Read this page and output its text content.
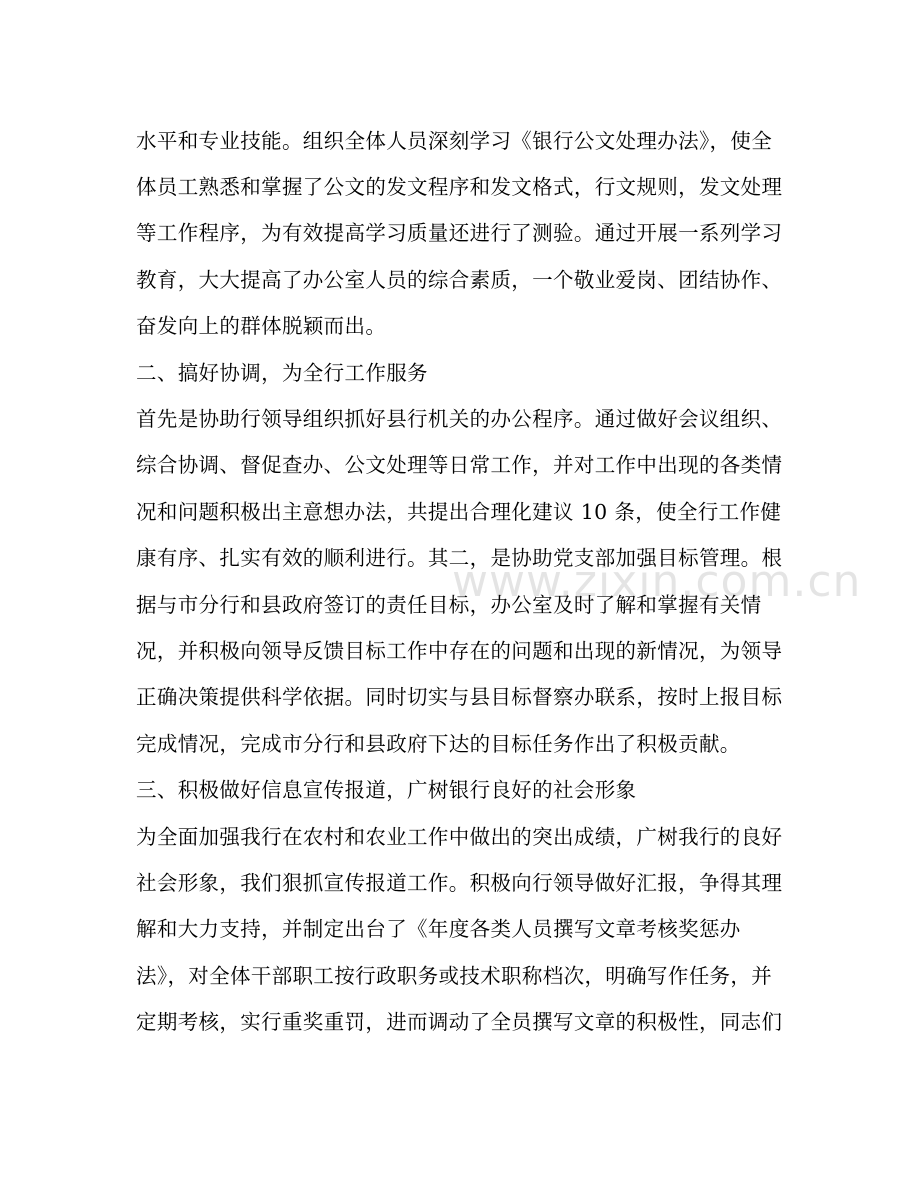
水平和专业技能。组织全体人员深刻学习《银行公文处理办法》，使全
体员工熟悉和掌握了公文的发文程序和发文格式，行文规则，发文处理
等工作程序，为有效提高学习质量还进行了测验。通过开展一系列学习
教育，大大提高了办公室人员的综合素质，一个敬业爱岗、团结协作、
奋发向上的群体脱颖而出。
二、搞好协调，为全行工作服务
首先是协助行领导组织抓好县行机关的办公程序。通过做好会议组织、
综合协调、督促查办、公文处理等日常工作，并对工作中出现的各类情
况和问题积极出主意想办法，共提出合理化建议 10 条，使全行工作健
康有序、扎实有效的顺利进行。其二，是协助党支部加强目标管理。根
据与市分行和县政府签订的责任目标，办公室及时了解和掌握有关情
况，并积极向领导反馈目标工作中存在的问题和出现的新情况，为领导
正确决策提供科学依据。同时切实与县目标督察办联系，按时上报目标
完成情况，完成市分行和县政府下达的目标任务作出了积极贡献。
三、积极做好信息宣传报道，广树银行良好的社会形象
为全面加强我行在农村和农业工作中做出的突出成绩，广树我行的良好
社会形象，我们狠抓宣传报道工作。积极向行领导做好汇报，争得其理
解和大力支持，并制定出台了《年度各类人员撰写文章考核奖惩办
法》，对全体干部职工按行政职务或技术职称档次，明确写作任务，并
定期考核，实行重奖重罚，进而调动了全员撰写文章的积极性，同志们
www.zixin.com.cn
